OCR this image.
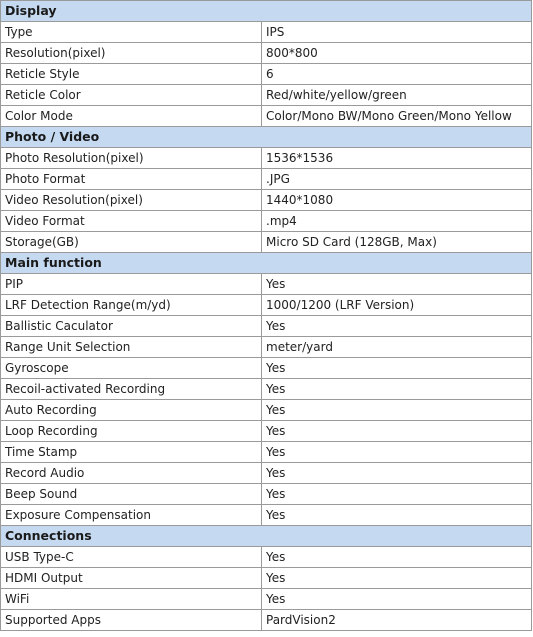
Display	
Type	IPS
Resolution(pixel)	800*800
Reticle Style	6
Reticle Color	Red/white/yellow/green
Color Mode	Color/Mono BW/Mono Green/Mono Yellow
Photo / Video	
Photo Resolution(pixel)	1536*1536
Photo Format	.JPG
Video Resolution(pixel)	1440*1080
Video Format	.mp4
Storage(GB)	Micro SD Card (128GB, Max)
Main function	
PIP	Yes
LRF Detection Range(m/yd)	1000/1200 (LRF Version)
Ballistic Caculator	Yes
Range Unit Selection	meter/yard
Gyroscope	Yes
Recoil-activated Recording	Yes
Auto Recording	Yes
Loop Recording	Yes
Time Stamp	Yes
Record Audio	Yes
Beep Sound	Yes
Exposure Compensation	Yes
Connections	
USB Type-C	Yes
HDMI Output	Yes
WiFi	Yes
Supported Apps	PardVision2
